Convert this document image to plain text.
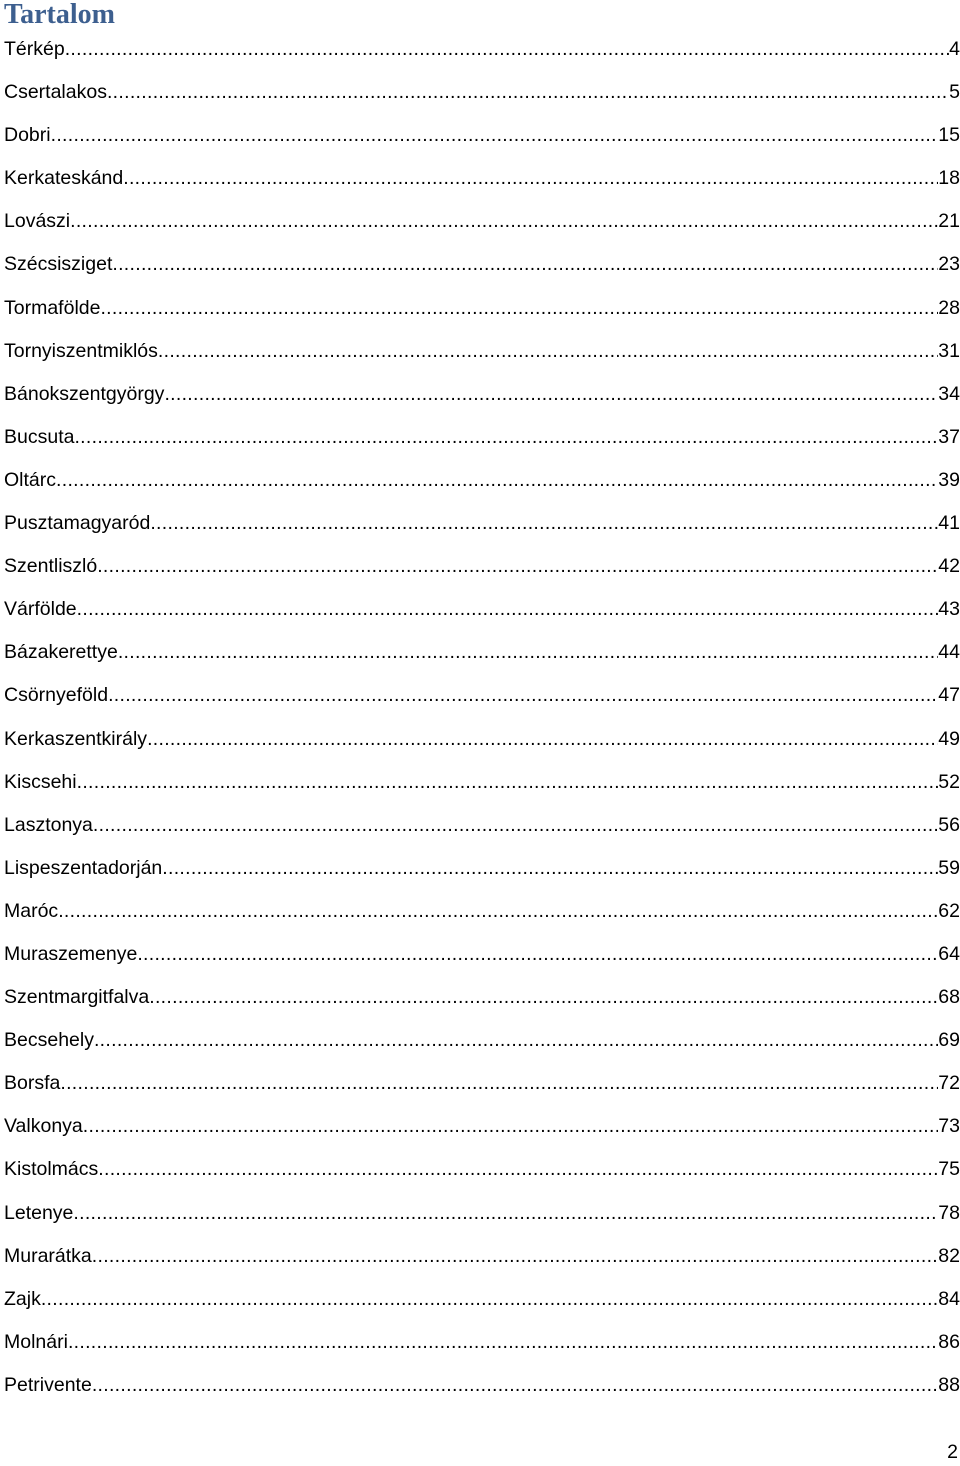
Tartalom
Térkép .....	4
Csertalakos .....	5
Dobri .....	15
Kerkateskánd .....	18
Lovászi .....	21
Szécsisziget .....	23
Tormafölde .....	28
Tornyiszentmiklós .....	31
Bánokszentgyörgy .....	34
Bucsuta .....	37
Oltárc .....	39
Pusztamagyaród .....	41
Szentliszló .....	42
Várfölde .....	43
Bázakerettye .....	44
Csörnyeföld .....	47
Kerkaszentkirály .....	49
Kiscsehi .....	52
Lasztonya .....	56
Lispeszentadorján .....	59
Maróc .....	62
Muraszemenye .....	64
Szentmargitfalva .....	68
Becsehely .....	69
Borsfa .....	72
Valkonya .....	73
Kistolmács .....	75
Letenye .....	78
Murarátka .....	82
Zajk .....	84
Molnári .....	86
Petrivente .....	88
2
